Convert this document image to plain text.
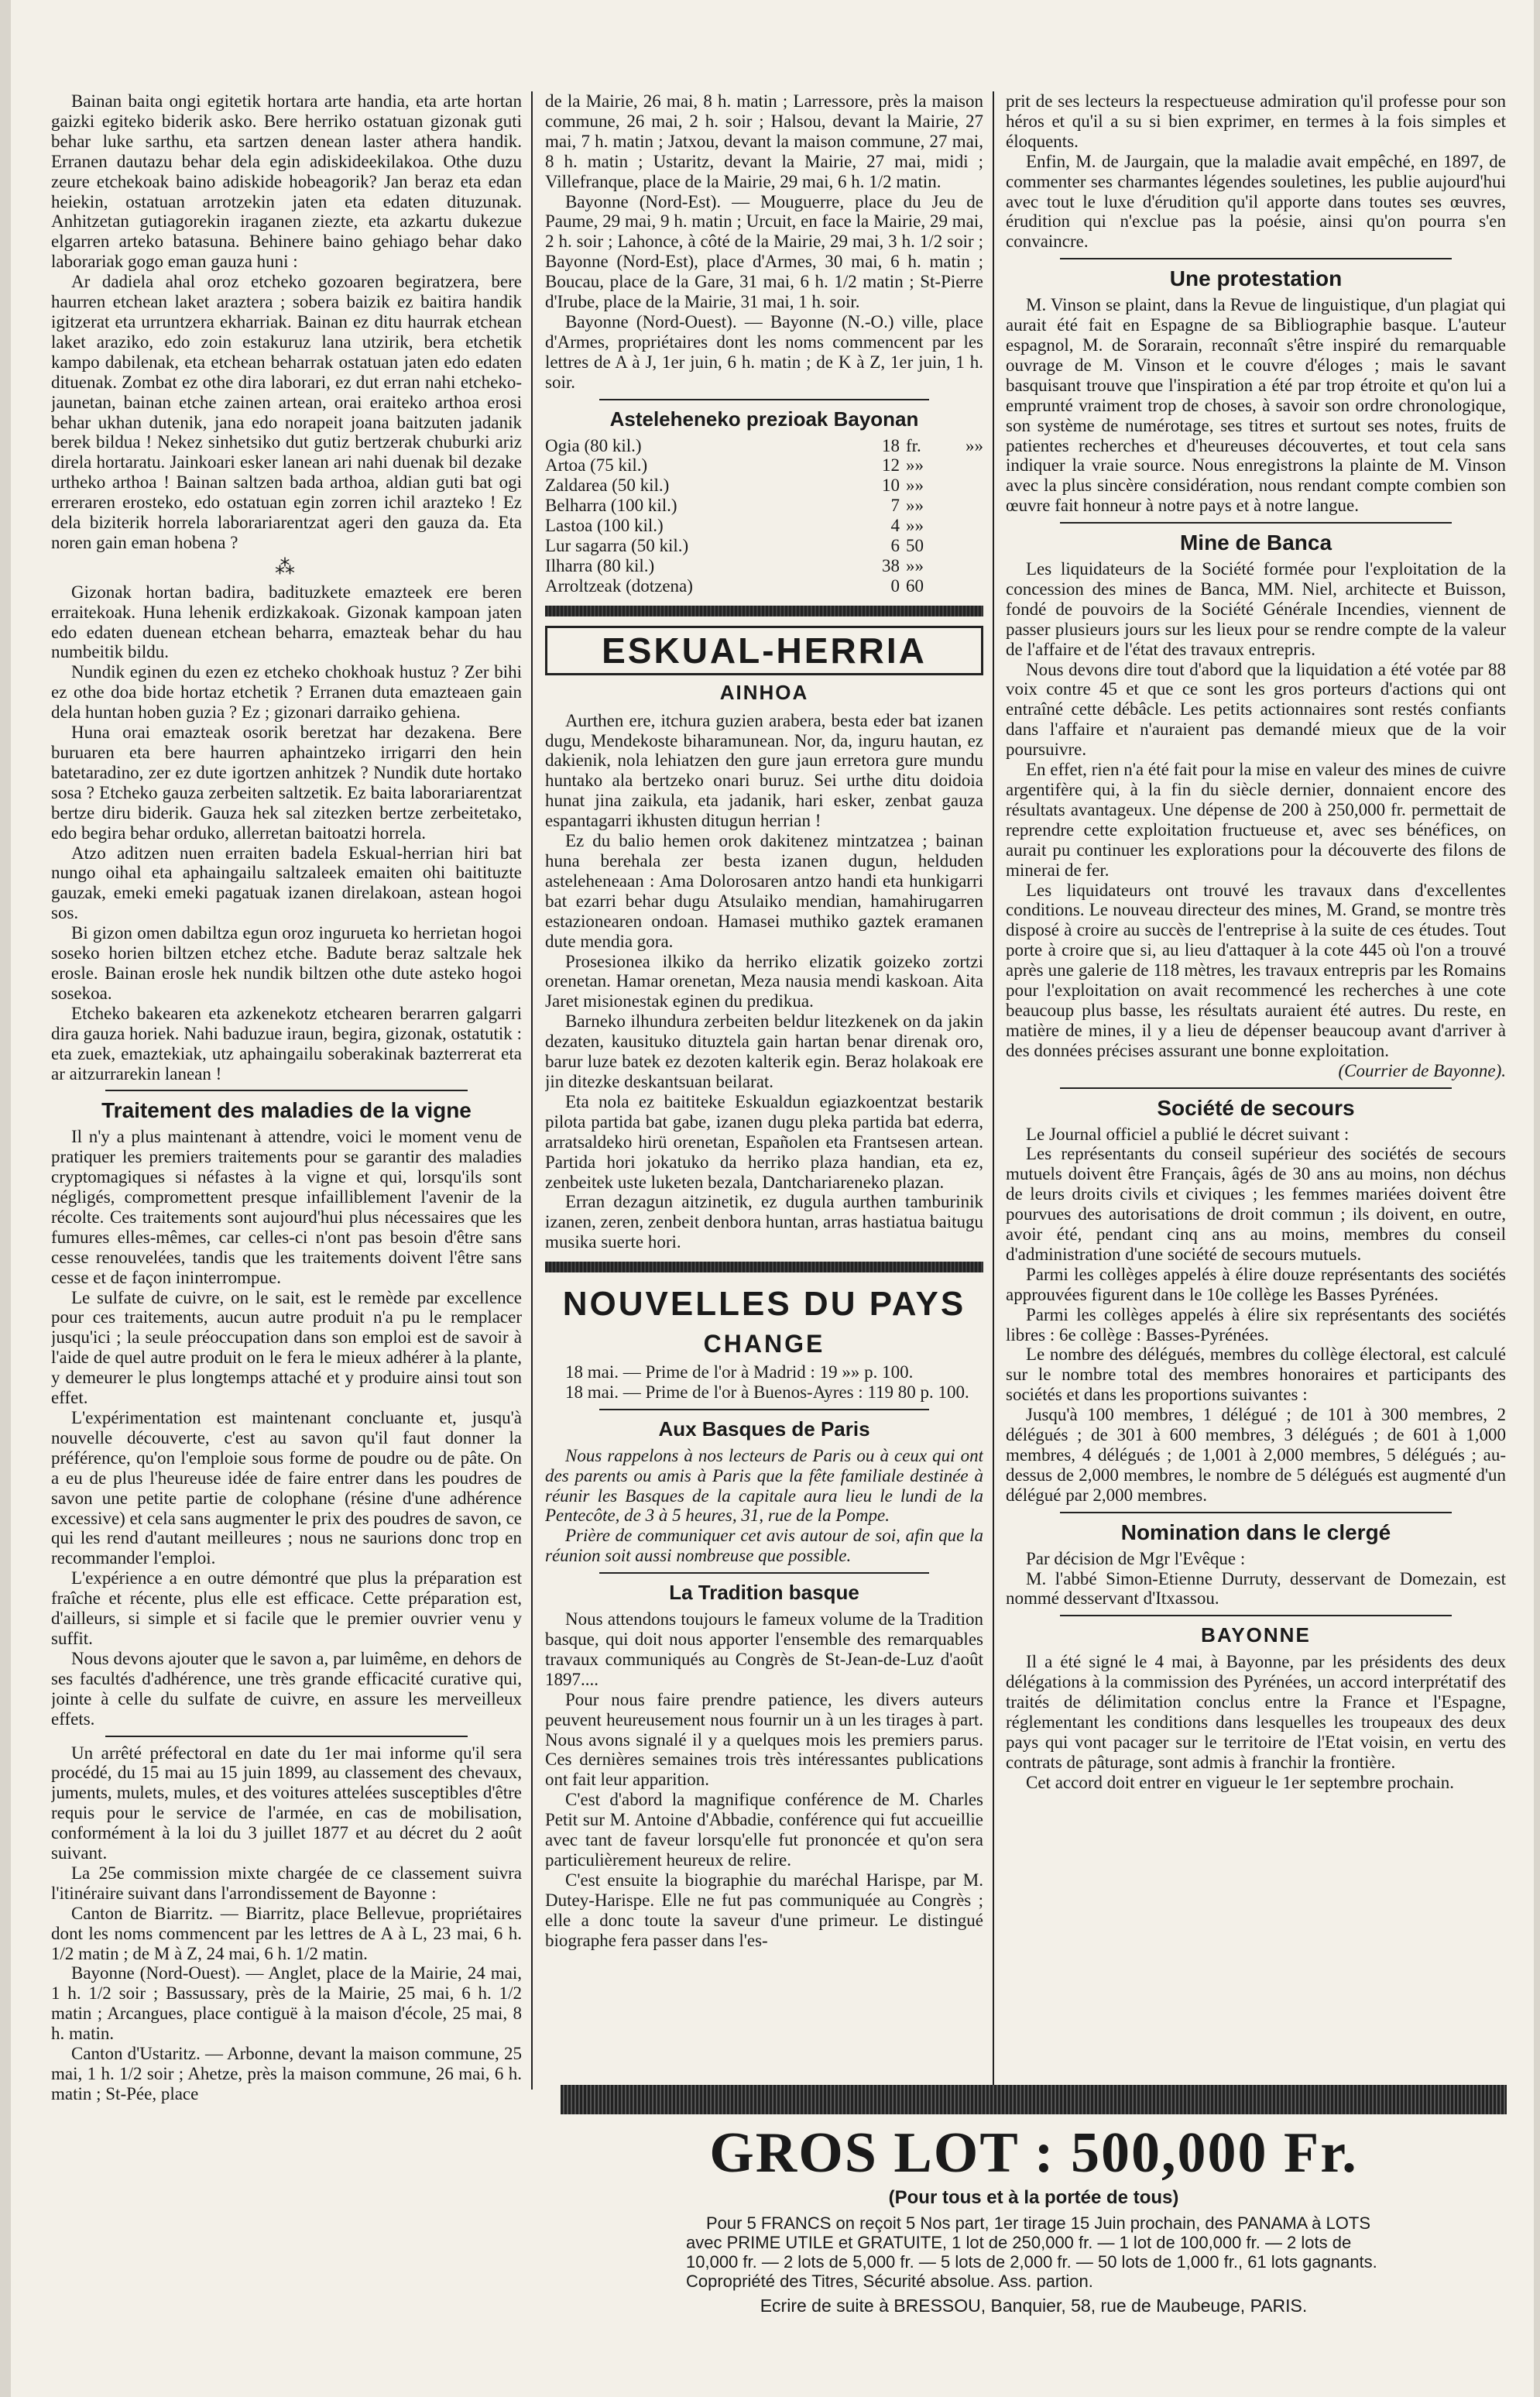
Bainan baita ongi egitetik hortara arte handia, eta arte hortan gaizki egiteko biderik asko. Bere herriko ostatuan gizonak guti behar luke sarthu, eta sartzen denean laster athera handik. Erranen dautazu behar dela egin adiskideekilakoa. Othe duzu zeure etchekoak baino adiskide hobeagorik? Jan beraz eta edan heiekin, ostatuan arrotzekin jaten eta edaten dituzunak. Anhitzetan gutiagorekin iraganen ziezte, eta azkartu dukezue elgarren arteko batasuna. Behinere baino gehiago behar dako laborariak gogo eman gauza huni :

Ar dadiela ahal oroz etcheko gozoaren begiratzera, bere haurren etchean laket araztera ; sobera baizik ez baitira handik igitzerat eta urruntzera ekharriak. Bainan ez ditu haurrak etchean laket araziko, edo zoin estakuruz lana utzirik, bera etchetik kampo dabilenak, eta etchean beharrak ostatuan jaten edo edaten dituenak. Zombat ez othe dira laborari, ez dut erran nahi etcheko-jaunetan, bainan etche zainen artean, orai eraiteko arthoa erosi behar ukhan dutenik, jana edo norapeit joana baitzuten jadanik berek bildua ! Nekez sinhetsiko dut gutiz bertzerak chuburki ariz direla hortaratu. Jainkoari esker lanean ari nahi duenak bil dezake urtheko arthoa ! Bainan saltzen bada arthoa, aldian guti bat ogi erreraren erosteko, edo ostatuan egin zorren ichil arazteko ! Ez dela biziterik horrela laborariarentzat ageri den gauza da. Eta noren gain eman hobena ?

⁂

Gizonak hortan badira, badituzkete emazteek ere beren erraitekoak. Huna lehenik erdizkakoak. Gizonak kampoan jaten edo edaten duenean etchean beharra, emazteak behar du hau numbeitik bildu.

Nundik eginen du ezen ez etcheko chokhoak hustuz ? Zer bihi ez othe doa bide hortaz etchetik ? Erranen duta emazteaen gain dela huntan hoben guzia ? Ez ; gizonari darraiko gehiena.

Huna orai emazteak osorik beretzat har dezakena. Bere buruaren eta bere haurren aphaintzeko irrigarri den hein batetaradino, zer ez dute igortzen anhitzek ? Nundik dute hortako sosa ? Etcheko gauza zerbeiten saltzetik. Ez baita laborariarentzat bertze diru biderik. Gauza hek sal zitezken bertze zerbeitetako, edo begira behar orduko, allerretan baitoatzi horrela.

Atzo aditzen nuen erraiten badela Eskual-herrian hiri bat nungo oihal eta aphaingailu saltzaleek emaiten ohi baitituzte gauzak, emeki emeki pagatuak izanen direlakoan, astean hogoi sos.

Bi gizon omen dabiltza egun oroz ingurueta ko herrietan hogoi soseko horien biltzen etchez etche. Badute beraz saltzale hek erosle. Bainan erosle hek nundik biltzen othe dute asteko hogoi sosekoa.

Etcheko bakearen eta azkenekotz etchearen berarren galgarri dira gauza horiek. Nahi baduzue iraun, begira, gizonak, ostatutik : eta zuek, emaztekiak, utz aphaingailu soberakinak bazterrerat eta ar aitzurrarekin lanean !

Traitement des maladies de la vigne

Il n'y a plus maintenant à attendre, voici le moment venu de pratiquer les premiers traitements pour se garantir des maladies cryptomagiques si néfastes à la vigne et qui, lorsqu'ils sont négligés, compromettent presque infailliblement l'avenir de la récolte. Ces traitements sont aujourd'hui plus nécessaires que les fumures elles-mêmes, car celles-ci n'ont pas besoin d'être sans cesse renouvelées, tandis que les traitements doivent l'être sans cesse et de façon ininterrompue.

Le sulfate de cuivre, on le sait, est le remède par excellence pour ces traitements, aucun autre produit n'a pu le remplacer jusqu'ici ; la seule préoccupation dans son emploi est de savoir à l'aide de quel autre produit on le fera le mieux adhérer à la plante, y demeurer le plus longtemps attaché et y produire ainsi tout son effet.

L'expérimentation est maintenant concluante et, jusqu'à nouvelle découverte, c'est au savon qu'il faut donner la préférence, qu'on l'emploie sous forme de poudre ou de pâte. On a eu de plus l'heureuse idée de faire entrer dans les poudres de savon une petite partie de colophane (résine d'une adhérence excessive) et cela sans augmenter le prix des poudres de savon, ce qui les rend d'autant meilleures ; nous ne saurions donc trop en recommander l'emploi.

L'expérience a en outre démontré que plus la préparation est fraîche et récente, plus elle est efficace. Cette préparation est, d'ailleurs, si simple et si facile que le premier ouvrier venu y suffit.

Nous devons ajouter que le savon a, par luimême, en dehors de ses facultés d'adhérence, une très grande efficacité curative qui, jointe à celle du sulfate de cuivre, en assure les merveilleux effets.

Un arrêté préfectoral en date du 1er mai informe qu'il sera procédé, du 15 mai au 15 juin 1899, au classement des chevaux, juments, mulets, mules, et des voitures attelées susceptibles d'être requis pour le service de l'armée, en cas de mobilisation, conformément à la loi du 3 juillet 1877 et au décret du 2 août suivant.

La 25e commission mixte chargée de ce classement suivra l'itinéraire suivant dans l'arrondissement de Bayonne :

Canton de Biarritz. — Biarritz, place Bellevue, propriétaires dont les noms commencent par les lettres de A à L, 23 mai, 6 h. 1/2 matin ; de M à Z, 24 mai, 6 h. 1/2 matin.

Bayonne (Nord-Ouest). — Anglet, place de la Mairie, 24 mai, 1 h. 1/2 soir ; Bassussary, près de la Mairie, 25 mai, 6 h. 1/2 matin ; Arcangues, place contiguë à la maison d'école, 25 mai, 8 h. matin.

Canton d'Ustaritz. — Arbonne, devant la maison commune, 25 mai, 1 h. 1/2 soir ; Ahetze, près la maison commune, 26 mai, 6 h. matin ; St-Pée, place

de la Mairie, 26 mai, 8 h. matin ; Larressore, près la maison commune, 26 mai, 2 h. soir ; Halsou, devant la Mairie, 27 mai, 7 h. matin ; Jatxou, devant la maison commune, 27 mai, 8 h. matin ; Ustaritz, devant la Mairie, 27 mai, midi ; Villefranque, place de la Mairie, 29 mai, 6 h. 1/2 matin.

Bayonne (Nord-Est). — Mouguerre, place du Jeu de Paume, 29 mai, 9 h. matin ; Urcuit, en face la Mairie, 29 mai, 2 h. soir ; Lahonce, à côté de la Mairie, 29 mai, 3 h. 1/2 soir ; Bayonne (Nord-Est), place d'Armes, 30 mai, 6 h. matin ; Boucau, place de la Gare, 31 mai, 6 h. 1/2 matin ; St-Pierre d'Irube, place de la Mairie, 31 mai, 1 h. soir.

Bayonne (Nord-Ouest). — Bayonne (N.-O.) ville, place d'Armes, propriétaires dont les noms commencent par les lettres de A à J, 1er juin, 6 h. matin ; de K à Z, 1er juin, 1 h. soir.

Asteleheneko prezioak Bayonan
Ogia (80 kil.)	18	fr.	»»
Artoa (75 kil.)	12	»»	
Zaldarea (50 kil.)	10	»»	
Belharra (100 kil.)	7	»»	
Lastoa (100 kil.)	4	»»	
Lur sagarra (50 kil.)	6	50	
Ilharra (80 kil.)	38	»»	
Arroltzeak (dotzena)	0	60	
ESKUAL-HERRIA
AINHOA

Aurthen ere, itchura guzien arabera, besta eder bat izanen dugu, Mendekoste biharamunean. Nor, da, inguru hautan, ez dakienik, nola lehiatzen den gure jaun erretora gure mundu huntako ala bertzeko onari buruz. Sei urthe ditu doidoia hunat jina zaikula, eta jadanik, hari esker, zenbat gauza espantagarri ikhusten ditugun herrian !

Ez du balio hemen orok dakitenez mintzatzea ; bainan huna berehala zer besta izanen dugun, helduden asteleheneaan : Ama Dolorosaren antzo handi eta hunkigarri bat ezarri behar dugu Atsulaiko mendian, hamahirugarren estazionearen ondoan. Hamasei muthiko gaztek eramanen dute mendia gora.

Prosesionea ilkiko da herriko elizatik goizeko zortzi orenetan. Hamar orenetan, Meza nausia mendi kaskoan. Aita Jaret misionestak eginen du predikua.

Barneko ilhundura zerbeiten beldur litezkenek on da jakin dezaten, kausituko dituztela gain hartan benar direnak oro, barur luze batek ez dezoten kalterik egin. Beraz holakoak ere jin ditezke deskantsuan beilarat.

Eta nola ez baititeke Eskualdun egiazkoentzat bestarik pilota partida bat gabe, izanen dugu pleka partida bat ederra, arratsaldeko hirü orenetan, Españolen eta Frantsesen artean. Partida hori jokatuko da herriko plaza handian, eta ez, zenbeitek uste luketen bezala, Dantchariareneko plazan.

Erran dezagun aitzinetik, ez dugula aurthen tamburinik izanen, zeren, zenbeit denbora huntan, arras hastiatua baitugu musika suerte hori.

NOUVELLES DU PAYS
CHANGE

18 mai. — Prime de l'or à Madrid : 19 »» p. 100.

18 mai. — Prime de l'or à Buenos-Ayres : 119 80 p. 100.

Aux Basques de Paris

Nous rappelons à nos lecteurs de Paris ou à ceux qui ont des parents ou amis à Paris que la fête familiale destinée à réunir les Basques de la capitale aura lieu le lundi de la Pentecôte, de 3 à 5 heures, 31, rue de la Pompe.

Prière de communiquer cet avis autour de soi, afin que la réunion soit aussi nombreuse que possible.

La Tradition basque

Nous attendons toujours le fameux volume de la Tradition basque, qui doit nous apporter l'ensemble des remarquables travaux communiqués au Congrès de St-Jean-de-Luz d'août 1897....

Pour nous faire prendre patience, les divers auteurs peuvent heureusement nous fournir un à un les tirages à part. Nous avons signalé il y a quelques mois les premiers parus. Ces dernières semaines trois très intéressantes publications ont fait leur apparition.

C'est d'abord la magnifique conférence de M. Charles Petit sur M. Antoine d'Abbadie, conférence qui fut accueillie avec tant de faveur lorsqu'elle fut prononcée et qu'on sera particulièrement heureux de relire.

C'est ensuite la biographie du maréchal Harispe, par M. Dutey-Harispe. Elle ne fut pas communiquée au Congrès ; elle a donc toute la saveur d'une primeur. Le distingué biographe fera passer dans l'es-

prit de ses lecteurs la respectueuse admiration qu'il professe pour son héros et qu'il a su si bien exprimer, en termes à la fois simples et éloquents.

Enfin, M. de Jaurgain, que la maladie avait empêché, en 1897, de commenter ses charmantes légendes souletines, les publie aujourd'hui avec tout le luxe d'érudition qu'il apporte dans toutes ses œuvres, érudition qui n'exclue pas la poésie, ainsi qu'on pourra s'en convaincre.

Une protestation

M. Vinson se plaint, dans la Revue de linguistique, d'un plagiat qui aurait été fait en Espagne de sa Bibliographie basque. L'auteur espagnol, M. de Sorarain, reconnaît s'être inspiré du remarquable ouvrage de M. Vinson et le couvre d'éloges ; mais le savant basquisant trouve que l'inspiration a été par trop étroite et qu'on lui a emprunté vraiment trop de choses, à savoir son ordre chronologique, son système de numérotage, ses titres et surtout ses notes, fruits de patientes recherches et d'heureuses découvertes, et tout cela sans indiquer la vraie source. Nous enregistrons la plainte de M. Vinson avec la plus sincère considération, nous rendant compte combien son œuvre fait honneur à notre pays et à notre langue.

Mine de Banca

Les liquidateurs de la Société formée pour l'exploitation de la concession des mines de Banca, MM. Niel, architecte et Buisson, fondé de pouvoirs de la Société Générale Incendies, viennent de passer plusieurs jours sur les lieux pour se rendre compte de la valeur de l'affaire et de l'état des travaux entrepris.

Nous devons dire tout d'abord que la liquidation a été votée par 88 voix contre 45 et que ce sont les gros porteurs d'actions qui ont entraîné cette débâcle. Les petits actionnaires sont restés confiants dans l'affaire et n'auraient pas demandé mieux que de la voir poursuivre.

En effet, rien n'a été fait pour la mise en valeur des mines de cuivre argentifère qui, à la fin du siècle dernier, donnaient encore des résultats avantageux. Une dépense de 200 à 250,000 fr. permettait de reprendre cette exploitation fructueuse et, avec ses bénéfices, on aurait pu continuer les explorations pour la découverte des filons de minerai de fer.

Les liquidateurs ont trouvé les travaux dans d'excellentes conditions. Le nouveau directeur des mines, M. Grand, se montre très disposé à croire au succès de l'entreprise à la suite de ces études. Tout porte à croire que si, au lieu d'attaquer à la cote 445 où l'on a trouvé après une galerie de 118 mètres, les travaux entrepris par les Romains pour l'exploitation on avait recommencé les recherches à une cote beaucoup plus basse, les résultats auraient été autres. Du reste, en matière de mines, il y a lieu de dépenser beaucoup avant d'arriver à des données précises assurant une bonne exploitation.

(Courrier de Bayonne).

Société de secours

Le Journal officiel a publié le décret suivant :

Les représentants du conseil supérieur des sociétés de secours mutuels doivent être Français, âgés de 30 ans au moins, non déchus de leurs droits civils et civiques ; les femmes mariées doivent être pourvues des autorisations de droit commun ; ils doivent, en outre, avoir été, pendant cinq ans au moins, membres du conseil d'administration d'une société de secours mutuels.

Parmi les collèges appelés à élire douze représentants des sociétés approuvées figurent dans le 10e collège les Basses Pyrénées.

Parmi les collèges appelés à élire six représentants des sociétés libres : 6e collège : Basses-Pyrénées.

Le nombre des délégués, membres du collège électoral, est calculé sur le nombre total des membres honoraires et participants des sociétés et dans les proportions suivantes :

Jusqu'à 100 membres, 1 délégué ; de 101 à 300 membres, 2 délégués ; de 301 à 600 membres, 3 délégués ; de 601 à 1,000 membres, 4 délégués ; de 1,001 à 2,000 membres, 5 délégués ; au-dessus de 2,000 membres, le nombre de 5 délégués est augmenté d'un délégué par 2,000 membres.

Nomination dans le clergé

Par décision de Mgr l'Evêque :

M. l'abbé Simon-Etienne Durruty, desservant de Domezain, est nommé desservant d'Itxassou.

BAYONNE

Il a été signé le 4 mai, à Bayonne, par les présidents des deux délégations à la commission des Pyrénées, un accord interprétatif des traités de délimitation conclus entre la France et l'Espagne, réglementant les conditions dans lesquelles les troupeaux des deux pays qui vont pacager sur le territoire de l'Etat voisin, en vertu des contrats de pâturage, sont admis à franchir la frontière.

Cet accord doit entrer en vigueur le 1er septembre prochain.

GROS LOT : 500,000 Fr.
(Pour tous et à la portée de tous)

Pour 5 FRANCS on reçoit 5 Nos part, 1er tirage 15 Juin prochain, des PANAMA à LOTS avec PRIME UTILE et GRATUITE, 1 lot de 250,000 fr. — 1 lot de 100,000 fr. — 2 lots de 10,000 fr. — 2 lots de 5,000 fr. — 5 lots de 2,000 fr. — 50 lots de 1,000 fr., 61 lots gagnants. Copropriété des Titres, Sécurité absolue. Ass. partion.

Ecrire de suite à BRESSOU, Banquier, 58, rue de Maubeuge, PARIS.
